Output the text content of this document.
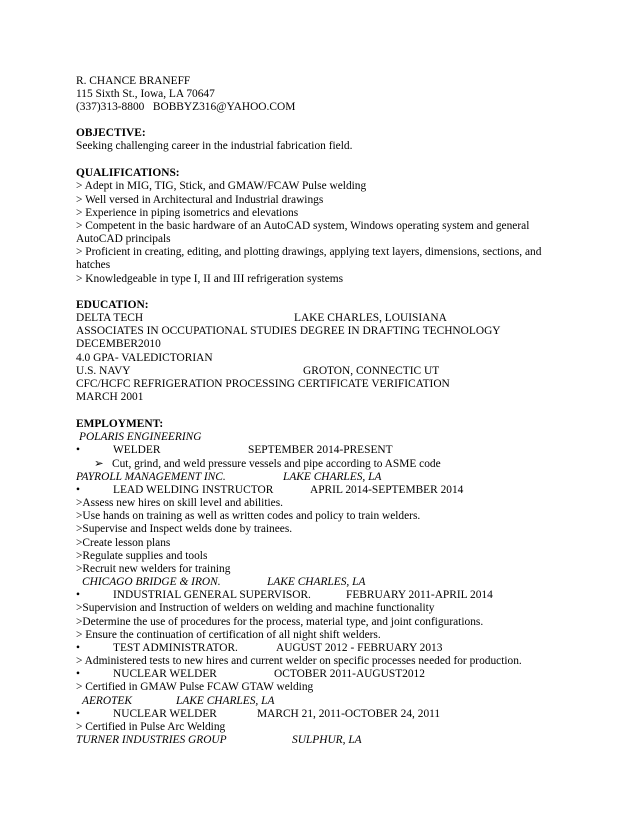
R. CHANCE BRANEFF
115 Sixth St., Iowa, LA 70647
(337)313-8800 BOBBYZ316@YAHOO.COM
OBJECTIVE:
Seeking challenging career in the industrial fabrication field.
QUALIFICATIONS:
> Adept in MIG, TIG, Stick, and GMAW/FCAW Pulse welding
> Well versed in Architectural and Industrial drawings
> Experience in piping isometrics and elevations
> Competent in the basic hardware of an AutoCAD system, Windows operating system and general
AutoCAD principals
> Proficient in creating, editing, and plotting drawings, applying text layers, dimensions, sections, and
hatches
> Knowledgeable in type I, II and III refrigeration systems
EDUCATION:
DELTA TECH	LAKE CHARLES, LOUISIANA
ASSOCIATES IN OCCUPATIONAL STUDIES DEGREE IN DRAFTING TECHNOLOGY
DECEMBER2010
4.0 GPA- VALEDICTORIAN
U.S. NAVY	GROTON, CONNECTIC UT
CFC/HCFC REFRIGERATION PROCESSING CERTIFICATE VERIFICATION
MARCH 2001
EMPLOYMENT:
POLARIS ENGINEERING
•	WELDER	SEPTEMBER 2014-PRESENT
➢ Cut, grind, and weld pressure vessels and pipe according to ASME code
PAYROLL MANAGEMENT INC.	LAKE CHARLES, LA
•	LEAD WELDING INSTRUCTOR	APRIL 2014-SEPTEMBER 2014
>Assess new hires on skill level and abilities.
>Use hands on training as well as written codes and policy to train welders.
>Supervise and Inspect welds done by trainees.
>Create lesson plans
>Regulate supplies and tools
>Recruit new welders for training
CHICAGO BRIDGE & IRON.	LAKE CHARLES, LA
•	INDUSTRIAL GENERAL SUPERVISOR.	FEBRUARY 2011-APRIL 2014
>Supervision and Instruction of welders on welding and machine functionality
>Determine the use of procedures for the process, material type, and joint configurations.
> Ensure the continuation of certification of all night shift welders.
•	TEST ADMINISTRATOR.	AUGUST 2012 - FEBRUARY 2013
> Administered tests to new hires and current welder on specific processes needed for production.
•	NUCLEAR WELDER	OCTOBER 2011-AUGUST2012
> Certified in GMAW Pulse FCAW GTAW welding
AEROTEK	LAKE CHARLES, LA
•	NUCLEAR WELDER	MARCH 21, 2011-OCTOBER 24, 2011
> Certified in Pulse Arc Welding
TURNER INDUSTRIES GROUP	SULPHUR, LA
